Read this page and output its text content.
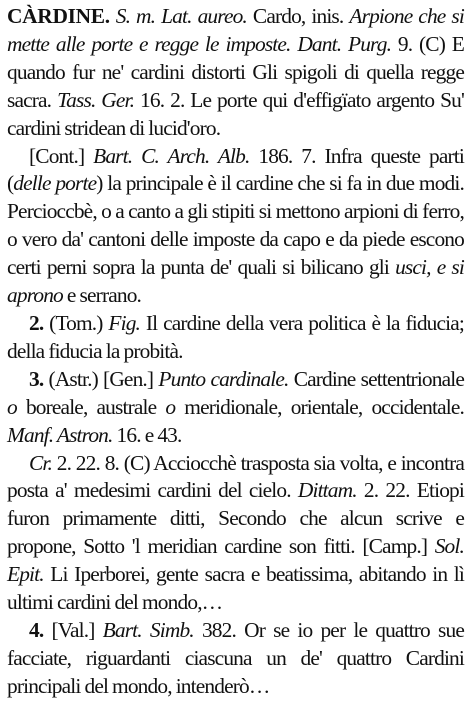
CÀRDINE. S. m. Lat. aureo. Cardo, inis. Arpione che si mette alle porte e regge le imposte. Dant. Purg. 9. (C) E quando fur ne' cardini distorti Gli spigoli di quella regge sacra. Tass. Ger. 16. 2. Le porte qui d'effigïato argento Su' cardini stridean di lucid'oro.

[Cont.] Bart. C. Arch. Alb. 186. 7. Infra queste parti (delle porte) la principale è il cardine che si fa in due modi. Percioccbè, o a canto a gli stipiti si mettono arpioni di ferro, o vero da' cantoni delle imposte da capo e da piede escono certi perni sopra la punta de' quali si bilicano gli usci, e si aprono e serrano.

2. (Tom.) Fig. Il cardine della vera politica è la fiducia; della fiducia la probità.

3. (Astr.) [Gen.] Punto cardinale. Cardine settentrionale o boreale, australe o meridionale, orientale, occidentale. Manf. Astron. 16. e 43.

Cr. 2. 22. 8. (C) Acciocchè trasposta sia volta, e incontra posta a' medesimi cardini del cielo. Dittam. 2. 22. Etiopi furon primamente ditti, Secondo che alcun scrive e propone, Sotto 'l meridian cardine son fitti. [Camp.] Sol. Epit. Li Iperborei, gente sacra e beatissima, abitando in lì ultimi cardini del mondo,…

4. [Val.] Bart. Simb. 382. Or se io per le quattro sue facciate, riguardanti ciascuna un de' quattro Cardini principali del mondo, intenderò…
